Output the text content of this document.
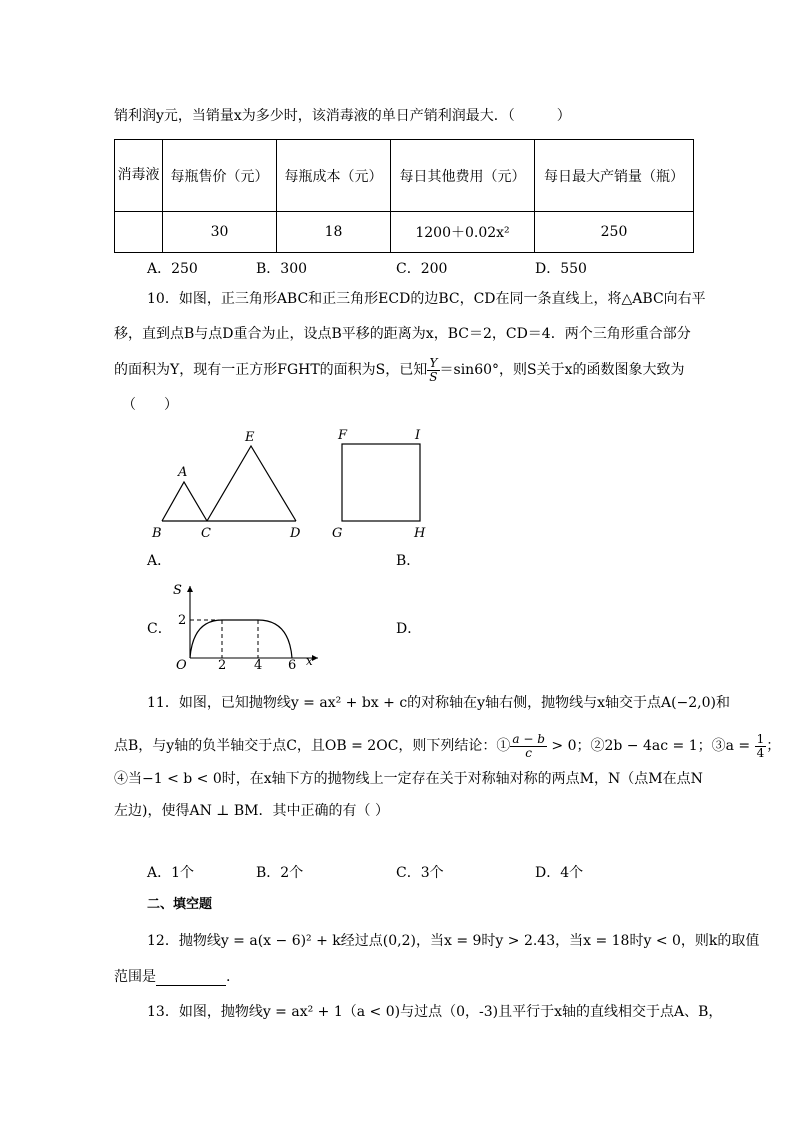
销利润y元，当销量x为多少时，该消毒液的单日产销利润最大．（　　　）
消毒液	每瓶售价（元）	每瓶成本（元）	每日其他费用（元）	每日最大产销量（瓶）
	30	18	1200＋0.02x²	250
A．250	B．300	C．200	D．550
10．如图，正三角形ABC和正三角形ECD的边BC，CD在同一条直线上，将△ABC向右平
移，直到点B与点D重合为止，设点B平移的距离为x，BC＝2，CD＝4．两个三角形重合部分
的面积为Y，现有一正方形FGHT的面积为S，已知 $\frac{Y}{S} =\sin 60^\circ$，则S关于x的函数图象大致为
（　　）
A
B	C	D
E	F	I
G	H
A．	B．
C．	D．
S
2
O 2 4 6 x
11．如图，已知抛物线y = ax² + bx + c的对称轴在y轴右侧，抛物线与x轴交于点A(−2,0)和
点B，与y轴的负半轴交于点C，且OB = 2OC，则下列结论：① $\frac{a - b}{c} > 0$；②2b − 4ac = 1；③a = $\frac{1}{4}$ ；
④当−1 < b < 0时，在x轴下方的抛物线上一定存在关于对称轴对称的两点M，N（点M在点N
左边)，使得AN ⊥ BM．其中正确的有（ ）
A．1个	B．2个	C．3个	D．4个
二、填空题
12．抛物线y = a(x − 6)² + k经过点(0,2)，当x = 9时y > 2.43，当x = 18时y < 0，则k的取值
范围是	.
13．如图，抛物线y = ax² + 1（a < 0)与过点（0，-3)且平行于x轴的直线相交于点A、B，
